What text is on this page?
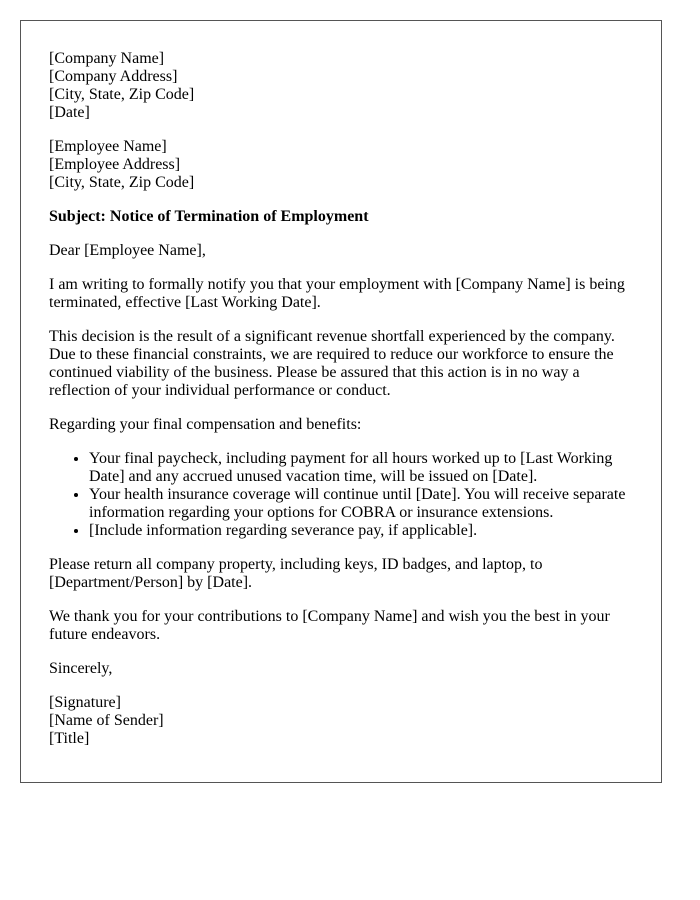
[Company Name]
[Company Address]
[City, State, Zip Code]
[Date]
[Employee Name]
[Employee Address]
[City, State, Zip Code]

Subject: Notice of Termination of Employment

Dear [Employee Name],

I am writing to formally notify you that your employment with [Company Name] is being terminated, effective [Last Working Date].

This decision is the result of a significant revenue shortfall experienced by the company. Due to these financial constraints, we are required to reduce our workforce to ensure the continued viability of the business. Please be assured that this action is in no way a reflection of your individual performance or conduct.

Regarding your final compensation and benefits:

• Your final paycheck, including payment for all hours worked up to [Last Working Date] and any accrued unused vacation time, will be issued on [Date].
• Your health insurance coverage will continue until [Date]. You will receive separate information regarding your options for COBRA or insurance extensions.
• [Include information regarding severance pay, if applicable].

Please return all company property, including keys, ID badges, and laptop, to [Department/Person] by [Date].

We thank you for your contributions to [Company Name] and wish you the best in your future endeavors.

Sincerely,

[Signature]
[Name of Sender]
[Title]
